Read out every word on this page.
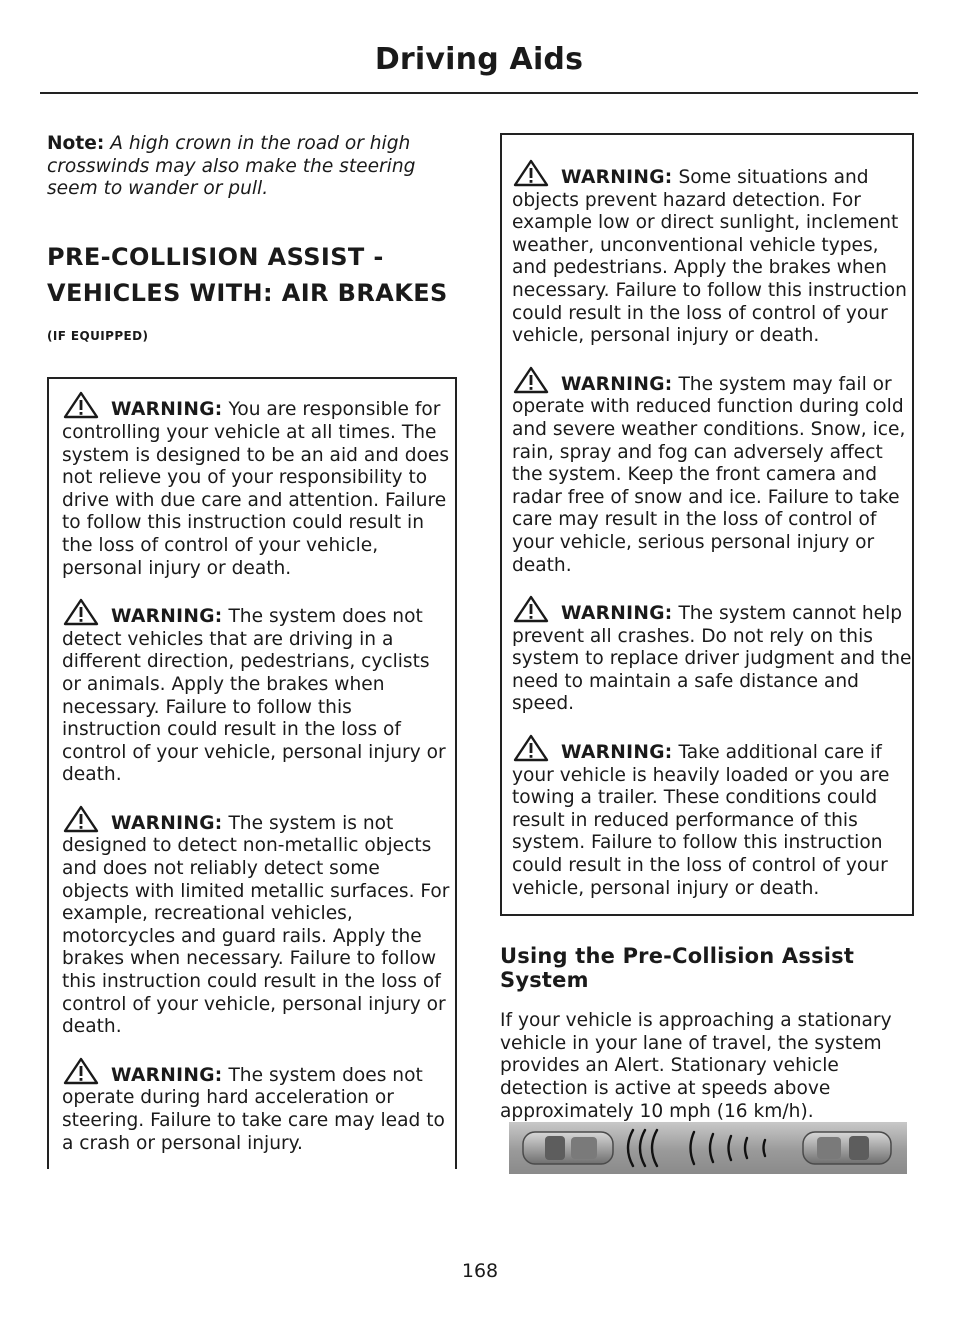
Driving Aids

Note: A high crown in the road or high crosswinds may also make the steering seem to wander or pull.

PRE-COLLISION ASSIST -
VEHICLES WITH: AIR BRAKES

(IF EQUIPPED)

WARNING: You are responsible for controlling your vehicle at all times. The system is designed to be an aid and does not relieve you of your responsibility to drive with due care and attention. Failure to follow this instruction could result in the loss of control of your vehicle, personal injury or death.

WARNING: The system does not detect vehicles that are driving in a different direction, pedestrians, cyclists or animals. Apply the brakes when necessary. Failure to follow this instruction could result in the loss of control of your vehicle, personal injury or death.

WARNING: The system is not designed to detect non-metallic objects and does not reliably detect some objects with limited metallic surfaces. For example, recreational vehicles, motorcycles and guard rails. Apply the brakes when necessary. Failure to follow this instruction could result in the loss of control of your vehicle, personal injury or death.

WARNING: The system does not operate during hard acceleration or steering. Failure to take care may lead to a crash or personal injury.

WARNING: Some situations and objects prevent hazard detection. For example low or direct sunlight, inclement weather, unconventional vehicle types, and pedestrians. Apply the brakes when necessary. Failure to follow this instruction could result in the loss of control of your vehicle, personal injury or death.

WARNING: The system may fail or operate with reduced function during cold and severe weather conditions. Snow, ice, rain, spray and fog can adversely affect the system. Keep the front camera and radar free of snow and ice. Failure to take care may result in the loss of control of your vehicle, serious personal injury or death.

WARNING: The system cannot help prevent all crashes. Do not rely on this system to replace driver judgment and the need to maintain a safe distance and speed.

WARNING: Take additional care if your vehicle is heavily loaded or you are towing a trailer. These conditions could result in reduced performance of this system. Failure to follow this instruction could result in the loss of control of your vehicle, personal injury or death.

Using the Pre-Collision Assist System

If your vehicle is approaching a stationary vehicle in your lane of travel, the system provides an Alert. Stationary vehicle detection is active at speeds above approximately 10 mph (16 km/h).

168
